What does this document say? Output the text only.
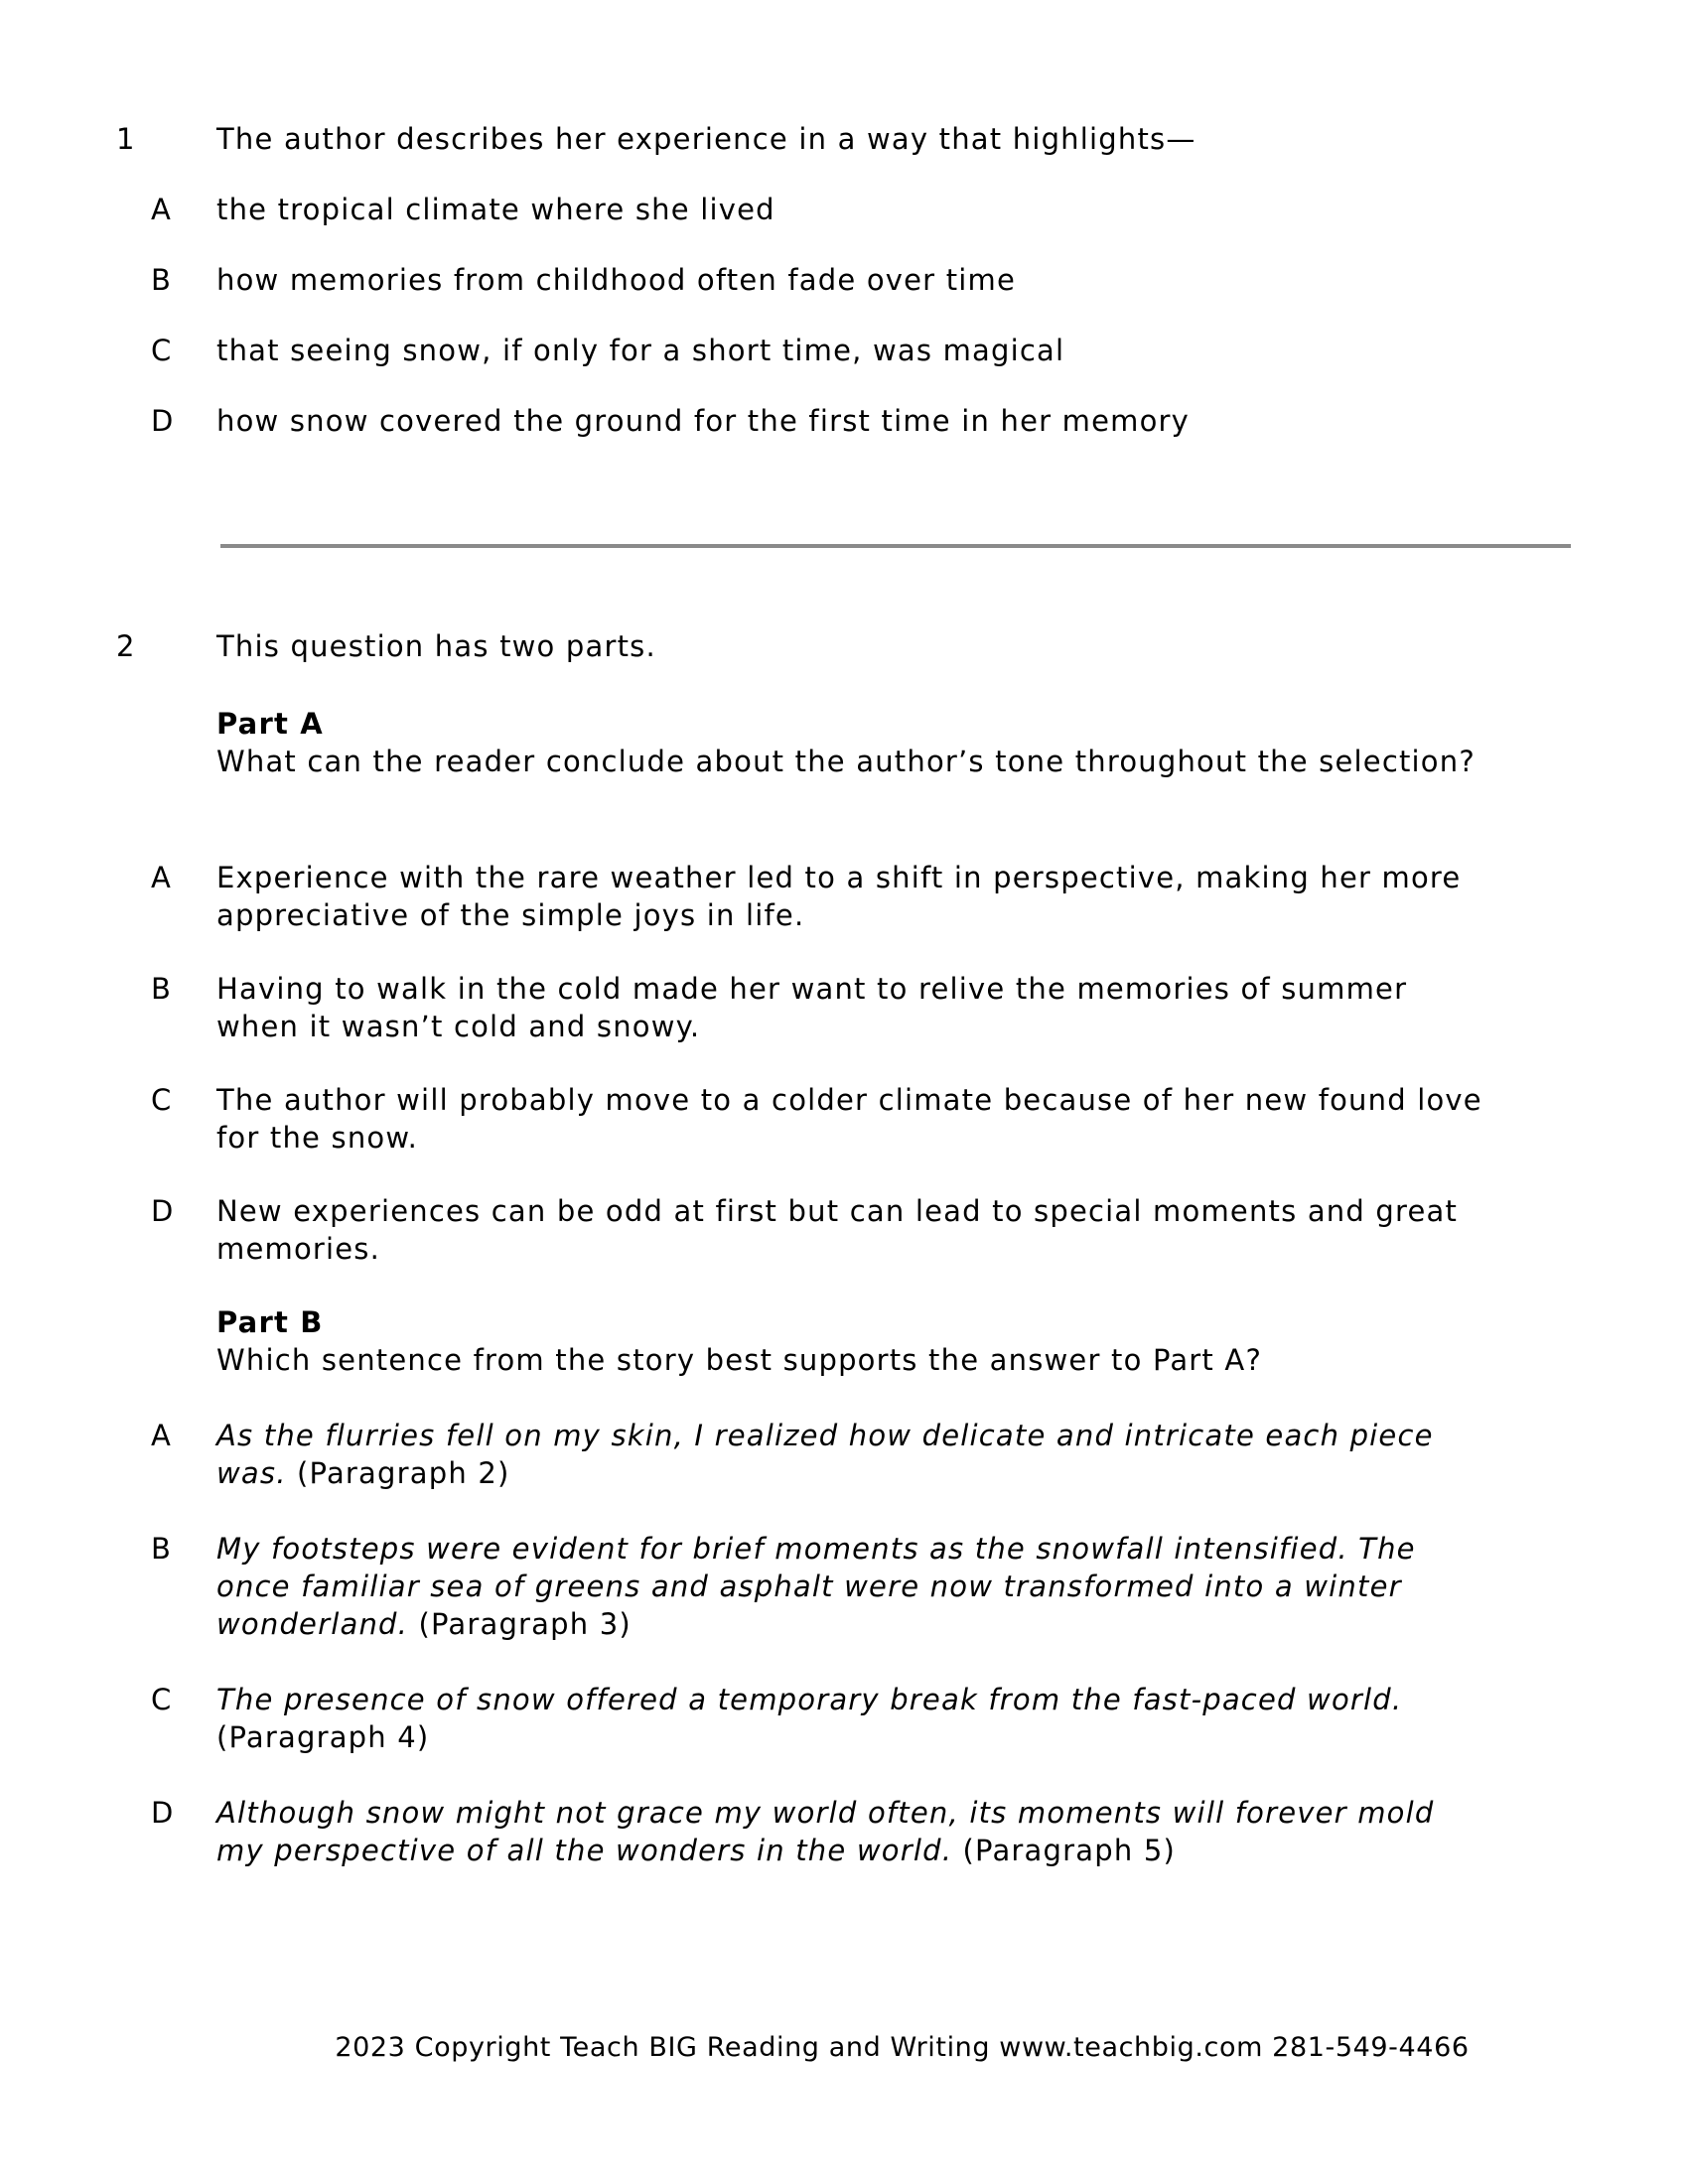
1	The author describes her experience in a way that highlights—
A	the tropical climate where she lived
B	how memories from childhood often fade over time
C	that seeing snow, if only for a short time, was magical
D	how snow covered the ground for the first time in her memory
2	This question has two parts.
Part A
What can the reader conclude about the author’s tone throughout the selection?
A	Experience with the rare weather led to a shift in perspective, making her more
appreciative of the simple joys in life.
B	Having to walk in the cold made her want to relive the memories of summer
when it wasn’t cold and snowy.
C	The author will probably move to a colder climate because of her new found love
for the snow.
D	New experiences can be odd at first but can lead to special moments and great
memories.
Part B
Which sentence from the story best supports the answer to Part A?
A	As the flurries fell on my skin, I realized how delicate and intricate each piece
was. (Paragraph 2)
B	My footsteps were evident for brief moments as the snowfall intensified. The
once familiar sea of greens and asphalt were now transformed into a winter
wonderland. (Paragraph 3)
C	The presence of snow offered a temporary break from the fast-paced world.
(Paragraph 4)
D	Although snow might not grace my world often, its moments will forever mold
my perspective of all the wonders in the world. (Paragraph 5)
2023 Copyright Teach BIG Reading and Writing www.teachbig.com 281-549-4466
